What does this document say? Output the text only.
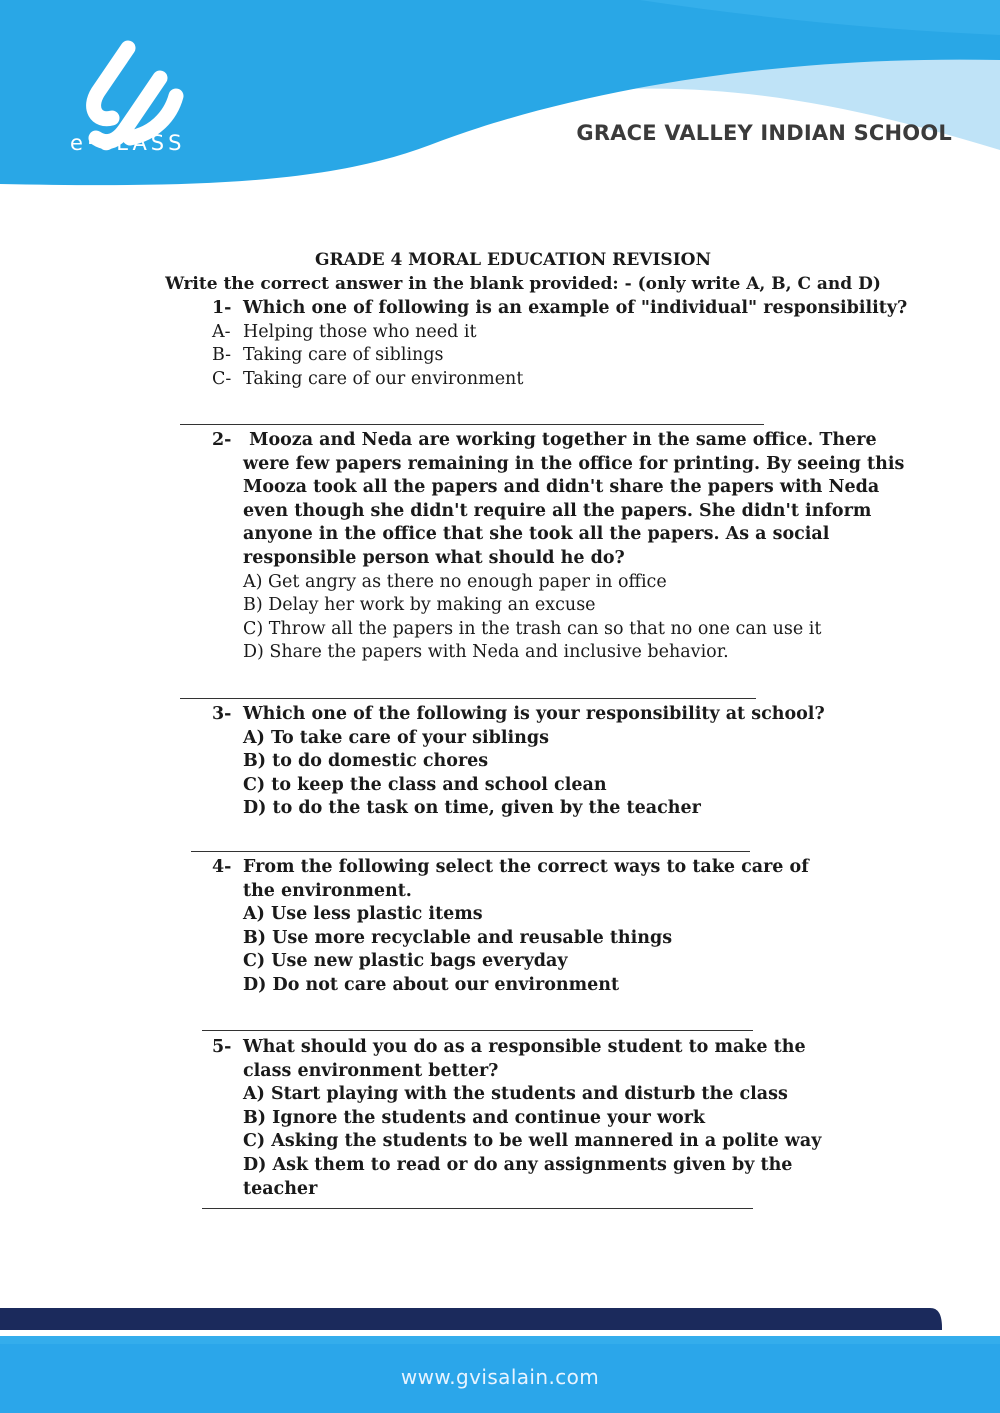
e·CLASS	GRACE VALLEY INDIAN SCHOOL
GRADE 4 MORAL EDUCATION REVISION
Write the correct answer in the blank provided: - (only write A, B, C and D)
1- Which one of following is an example of "individual" responsibility?
A- Helping those who need it
B- Taking care of siblings
C- Taking care of our environment
2- Mooza and Neda are working together in the same office. There were few papers remaining in the office for printing. By seeing this Mooza took all the papers and didn't share the papers with Neda even though she didn't require all the papers. She didn't inform anyone in the office that she took all the papers. As a social responsible person what should he do?
A) Get angry as there no enough paper in office
B) Delay her work by making an excuse
C) Throw all the papers in the trash can so that no one can use it
D) Share the papers with Neda and inclusive behavior.
3- Which one of the following is your responsibility at school?
A) To take care of your siblings
B) to do domestic chores
C) to keep the class and school clean
D) to do the task on time, given by the teacher
4- From the following select the correct ways to take care of the environment.
A) Use less plastic items
B) Use more recyclable and reusable things
C) Use new plastic bags everyday
D) Do not care about our environment
5- What should you do as a responsible student to make the class environment better?
A) Start playing with the students and disturb the class
B) Ignore the students and continue your work
C) Asking the students to be well mannered in a polite way
D) Ask them to read or do any assignments given by the teacher
www.gvisalain.com
